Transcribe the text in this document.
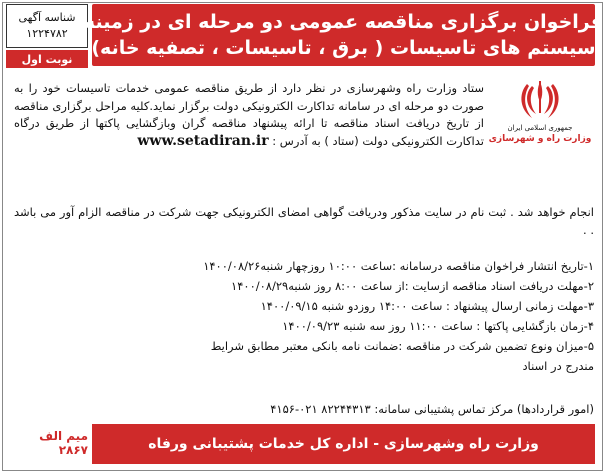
شناسه آگهی
۱۲۲۴۷۸۲
نوبت اول
فراخوان برگزاری مناقصه عمومی دو مرحله ای در زمینه
سیستم های تاسیسات ( برق ، تاسیسات ، تصفیه خانه)
جمهوری اسلامی ایران
وزارت راه و شهرسازی
ستاد وزارت راه وشهرسازی در نظر دارد از طریق مناقصه عمومی خدمات تاسیسات خود را به صورت دو مرحله ای در سامانه تداکارت الکترونیکی دولت برگزار نماید.کلیه مراحل برگزاری مناقصه از تاریخ دریافت اسناد مناقصه تا ارائه پیشنهاد مناقصه گران وبازگشایی پاکتها از طریق درگاه تداکارت الکترونیکی دولت (ستاد ) به آدرس : www.setadiran.ir
انجام خواهد شد . ثبت نام در سایت مذکور ودریافت گواهی امضای الکترونیکی جهت شرکت در مناقصه الزام آور می باشد . .
۱-تاریخ انتشار فراخوان مناقصه درسامانه :ساعت ۱۰:۰۰ روزچهار شنبه۱۴۰۰/۰۸/۲۶
۲-مهلت دریافت اسناد مناقصه ازسایت :از ساعت ۸:۰۰ روز شنبه۱۴۰۰/۰۸/۲۹
۳-مهلت زمانی ارسال پیشنهاد : ساعت ۱۴:۰۰ روزدو شنبه ۱۴۰۰/۰۹/۱۵
۴-زمان بازگشایی پاکتها : ساعت ۱۱:۰۰ روز سه شنبه ۱۴۰۰/۰۹/۲۳
۵-میزان ونوع تضمین شرکت در مناقصه :ضمانت نامه بانکی معتبر مطابق شرایط
مندرج در اسناد
(امور قراردادها) مرکز تماس پشتیبانی سامانه: ۸۲۲۴۴۳۱۳ ۰۲۱-۴۱۵۶
میم الف ۲۸۶۷	وزارت راه وشهرسازی - اداره کل خدمات پشتیبانی ورفاه
